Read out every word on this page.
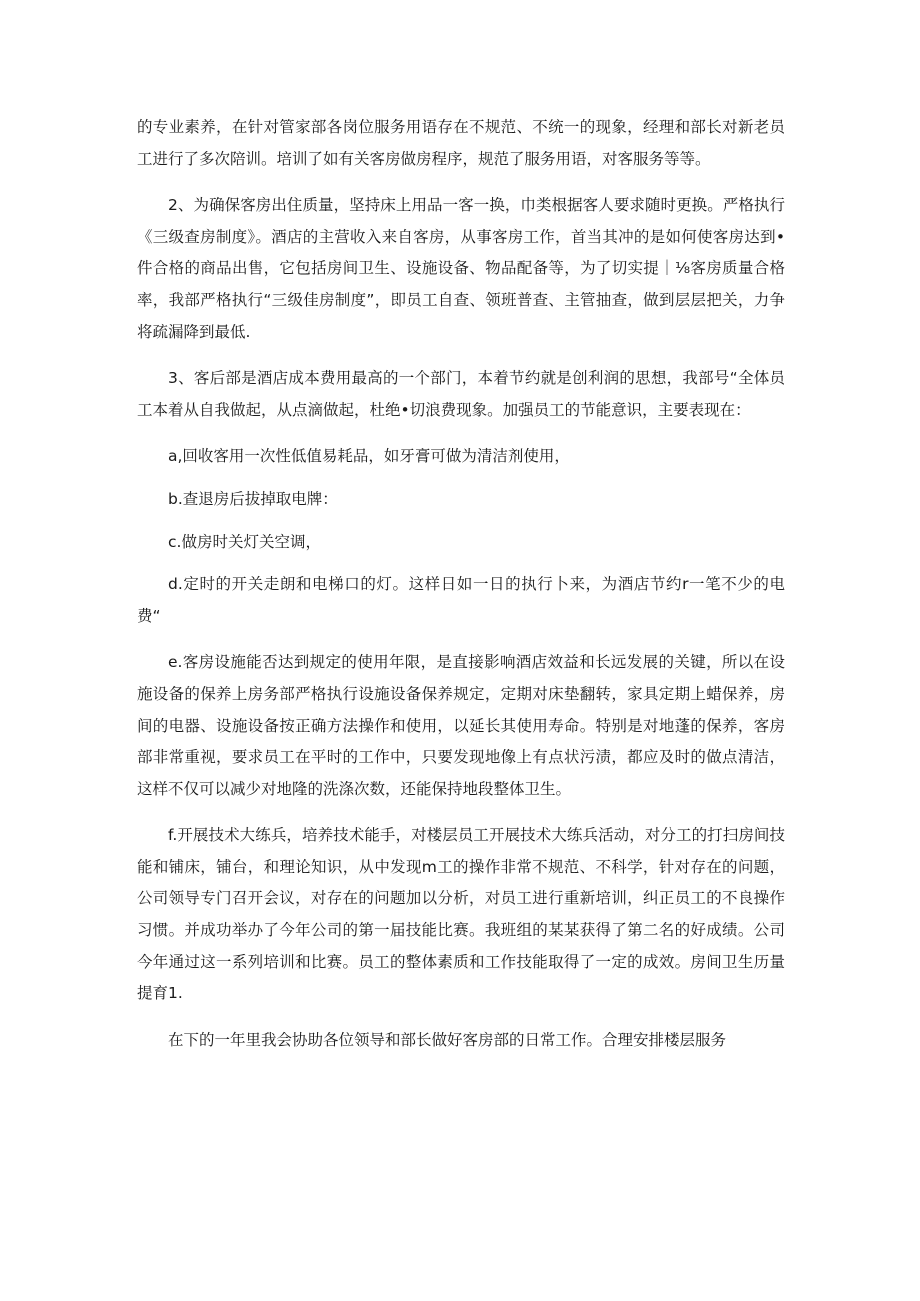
的专业素养，在针对管家部各岗位服务用语存在不规范、不统一的现象，经理和部长对新老员工进行了多次陪训。培训了如有关客房做房程序，规范了服务用语，对客服务等等。

2、为确保客房出住质量，坚持床上用品一客一换，巾类根据客人要求随时更换。严格执行《三级查房制度》。酒店的主营收入来自客房，从事客房工作，首当其冲的是如何使客房达到•件合格的商品出售，它包括房间卫生、设施设备、物品配备等，为了切实提｜⅛客房质量合格率，我部严格执行“三级佳房制度”，即员工自查、领班普查、主管抽查，做到层层把关，力争将疏漏降到最低.

3、客后部是酒店成本费用最高的一个部门，本着节约就是创利润的思想，我部号“全体员工本着从自我做起，从点滴做起，杜绝•切浪费现象。加强员工的节能意识，主要表现在：

a,回收客用一次性低值易耗品，如牙膏可做为清洁剂使用，

b.查退房后拔掉取电牌：

c.做房时关灯关空调，

d.定时的开关走朗和电梯口的灯。这样日如一日的执行卜来，为酒店节约r一笔不少的电费“

e.客房设施能否达到规定的使用年限，是直接影响酒店效益和长远发展的关键，所以在设施设备的保养上房务部严格执行设施设备保养规定，定期对床垫翻转，家具定期上蜡保养，房间的电器、设施设备按正确方法操作和使用，以延长其使用寿命。特别是对地蓬的保养，客房部非常重视，要求员工在平时的工作中，只要发现地像上有点状污渍，都应及时的做点清洁，这样不仅可以减少对地隆的洗涤次数，还能保持地段整体卫生。

f.开展技术大练兵，培养技术能手，对楼层员工开展技术大练兵活动，对分工的打扫房间技能和铺床，铺台，和理论知识，从中发现m工的操作非常不规范、不科学，针对存在的问题，公司领导专门召开会议，对存在的问题加以分析，对员工进行重新培训，纠正员工的不良操作习惯。并成功举办了今年公司的第一届技能比赛。我班组的某某获得了第二名的好成绩。公司今年通过这一系列培训和比赛。员工的整体素质和工作技能取得了一定的成效。房间卫生历量提育1.

在下的一年里我会协助各位领导和部长做好客房部的日常工作。合理安排楼层服务
